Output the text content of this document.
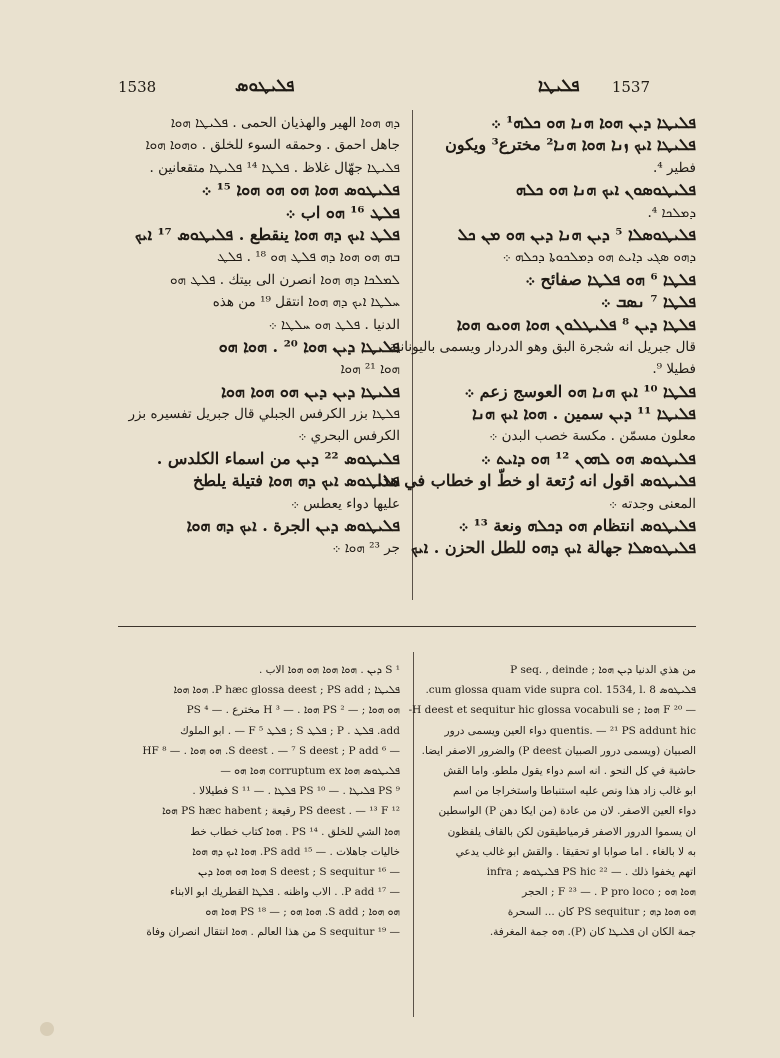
1538	ܦܠܝܛܘܣ	ܦܠܝܛܐ 1537
ܦܠܝܛܐ ܕܝܢ ܗܘܐ ܗܢܐ ܗܘ ܟܠܗ¹ ܀
ܦܠܝܛܐ ܐܝܟ ܙܢܐ ܗܘܐ ܗܢܐ² مخترع³ ويكون
فطير ⁴.
ܦܠܝܛܘܣܘܢ ܐܝܟ ܗܢܐ ܗܘ ܟܠܗ
ܕܡܠܟܐ ⁴.
ܦܠܝܛܘܣܠܐ ⁵ ܕܝܢ ܗܢܐ ܕܝܢ ܗܘ ܡܢ ܟܠ
ܕܗܘ ܣܓܝ ܕܐܝܬ ܗܘ ܕܡܠܟܘܬܐ ܕܟܠܗ ܀
ܦܠܛܐ ⁶ ܗܘ ܦܠܛܐ صفائح ܀
ܦܠܛܐ ⁷ ܢܣܒ ܀
ܦܠܛܐ ܕܝܢ ⁸ ܦܠܝܛܠܘܢ ܗܘܐ ܗܘܝܘ ܗܘܐ
قال جبريل انه شجرة البق وهو الدردار ويسمى باليونانية
فطيلا ⁹.
ܦܠܛܐ ¹⁰ ܐܝܟ ܗܢܐ ܗܘ العوسج زعم ܀
ܦܠܝܛܐ ¹¹ ܕܝܢ سمين . ܗܘܐ ܐܝܟ ܗܢܐ
معلون مسمّن . مكسة خصب البدن ܀
ܦܠܝܛܘܣ ܗܘ ܠܗܘܢ ¹² ܗܘ ܕܐܝܬ ܀
ܦܠܝܛܘܣ اقول انه رُتعة او خطّ او خطاب في هذا
المعنى وجدته ܀
ܦܠܝܛܘܣ انتظام ܗܘ ܕܟܠܗ ونعة ¹³ ܀
ܦܠܝܛܘܣܠܐ جهالة ܐܝܟ ܕܗܘ للطل الحزن . ܐܝܟ
ܕܗ ܗܘܐ الهير والهذيان الحمى . ܦܠܝܛܐ ܗܘܐ
جاهل احمق . وحمقه السوء للخلق . ܘܗܘܐ ܗܘܐ
ܦܠܝܛܐ جهّال غلاظ . ܦܠܛܐ ¹⁴ ܦܠܝܛܐ متقعانين .
ܦܠܝܛܘܣ ܗܘܐ ܗܘ ܗܘ ܗܘܐ ¹⁵ ܀
ܦܠܛ ¹⁶ ܗܘ اب ܀
ܦܠܛ ܐܝܟ ܕܗ ܗܘܐ ينقطع . ܦܠܝܛܘܣ ¹⁷ ܐܝܟ
ܒܗ ܗܘ ܗܘܐ ܕܗ ܦܠܛ ܗܘ ¹⁸ . ܦܠܛ
ܠܡܠܟܐ ܕܗ ܗܘܐ انصرن الى بيتك . ܦܠܛ ܗܘ
ܚܠܛܐ ܐܝܟ ܕܗ ܗܘܐ انتقل ¹⁹ من هذه
الدنيا . ܦܠܛ ܗܘ ܚܠܛܐ ܀
ܦܠܝܛܐ ܕܝܢ ܗܘܐ ²⁰ . ܗܘܐ ܗܘ
ܗܘܐ ²¹ ܗܘܐ
ܦܠܝܛܐ ܕܝܢ ܕܝܢ ܗܘ ܗܘܐ ܗܘܐ
ܦܠܛܐ بزر الكرفس الجبلي قال جبريل تفسيره بزر
الكرفس البحري ܀
ܦܠܝܛܘܣ ²² ܕܝܢ من اسماء الكلدس .
ܦܠܝܛܘܣ ܐܝܟ ܕܗ ܗܘܐ فتيلة يلطخ
عليها دواء يعطس ܀
ܦܠܝܛܘܣ ܕܝܢ الجرة . ܐܝܟ ܕܗ ܗܘܐ
جر ²³ ܗܘܐ ܀
من هذي الدنيا ܕܝܢ ܗܘܐ ; P seq. , deinde
ܦܠܝܛܘܣ cum glossa quam vide supra col. 1534, l. 8.
— ²⁰ F ܗܘܐ ; H deest et sequitur hic glossa vocabuli se-
quentis. — ²¹ PS addunt hic دواء العين ويسمى درور
الصبيان (ويسمى درور الصبيان P deest) والضرور الاصفر ايضا.
حاشية في كل النحو . انه اسم دواء يقول ملطو. واما القش
ابو غالب زاد هذا ونص عليه استنباطا واستخراجا من اسم
دواء العين الاصفر. لان من عادة (من ايكا دهن P) الواسطين
ان يسموا الدرور الاصفر قرمياطيقون لكن بالقاف يلفظون
به لا بالغاء . اما صوابا او تحقيقا . والقش ابو غالب يدعي
اتهم يخفوا ذلك . — ²² PS hic ܦܠܝܛܘܣ ; infra
ܗܘܐ ܗܘ ; F ²³ — . P pro loco ; الحجر
ܗܘ ܗܘܐ ܕܗ ; PS sequitur كان ... السحرة
جمة الكان ان ܦܠܝܛܐ كان (P). ܗܘ جمة المغرفة.
¹ S ܕܝܢ . ܗܘܐ ܗܘܐ ܗܘ ܗܘܐ الاب .
ܦܠܝܛܐ ; P hæc glossa deest ; PS add. ܗܘܐ ܗܘܐ
ܗܘ ܗܘܐ ; — ² PS ܗܘܐ . — ³ H مخترع . — ⁴ PS
add. ܦܠܛ . P ; ܦܠܛ S ; ܦܠܛ F ⁵ — . ابو الملوك
— ⁶ S deest . — ⁷ S deest ; P add. ܗܘ ܗܘܐ . — ⁸ HF
ܦܠܝܛܘܣ ܗܘܐ corruptum ex ܗܘܐ ܗܘ —
⁹ PS ܦܠܝܛܐ . — ¹⁰ PS ܦܠܛܐ . — ¹¹ S فطيلالا .
¹² PS deest . — ¹³ F رقيعة ; PS hæc habent ܗܘܐ
ܗܘܐ الشي للخلق . ¹⁴ PS . ܗܘܐ كتاب خطاب خط
خاليات جاهلات . — ¹⁵ PS add. ܗܘܐ ܐܝܟ ܕܗ ܗܘܐ
— ¹⁶ S deest ; S sequitur ܗܘܐ ܗܘ ܗܘܐ ܕܝܢ
— ¹⁷ P add. . الاب واظنه . ܦܠܛܐ القطريك ابو الابناء
ܗܘ ܗܘܐ ; S add. ܗܘܐ ܗܘ ; — ¹⁸ PS ܗܘܐ ܗܘ
— ¹⁹ S sequitur من هذا العالم . ܗܘܐ انتقال انصران وفاة
